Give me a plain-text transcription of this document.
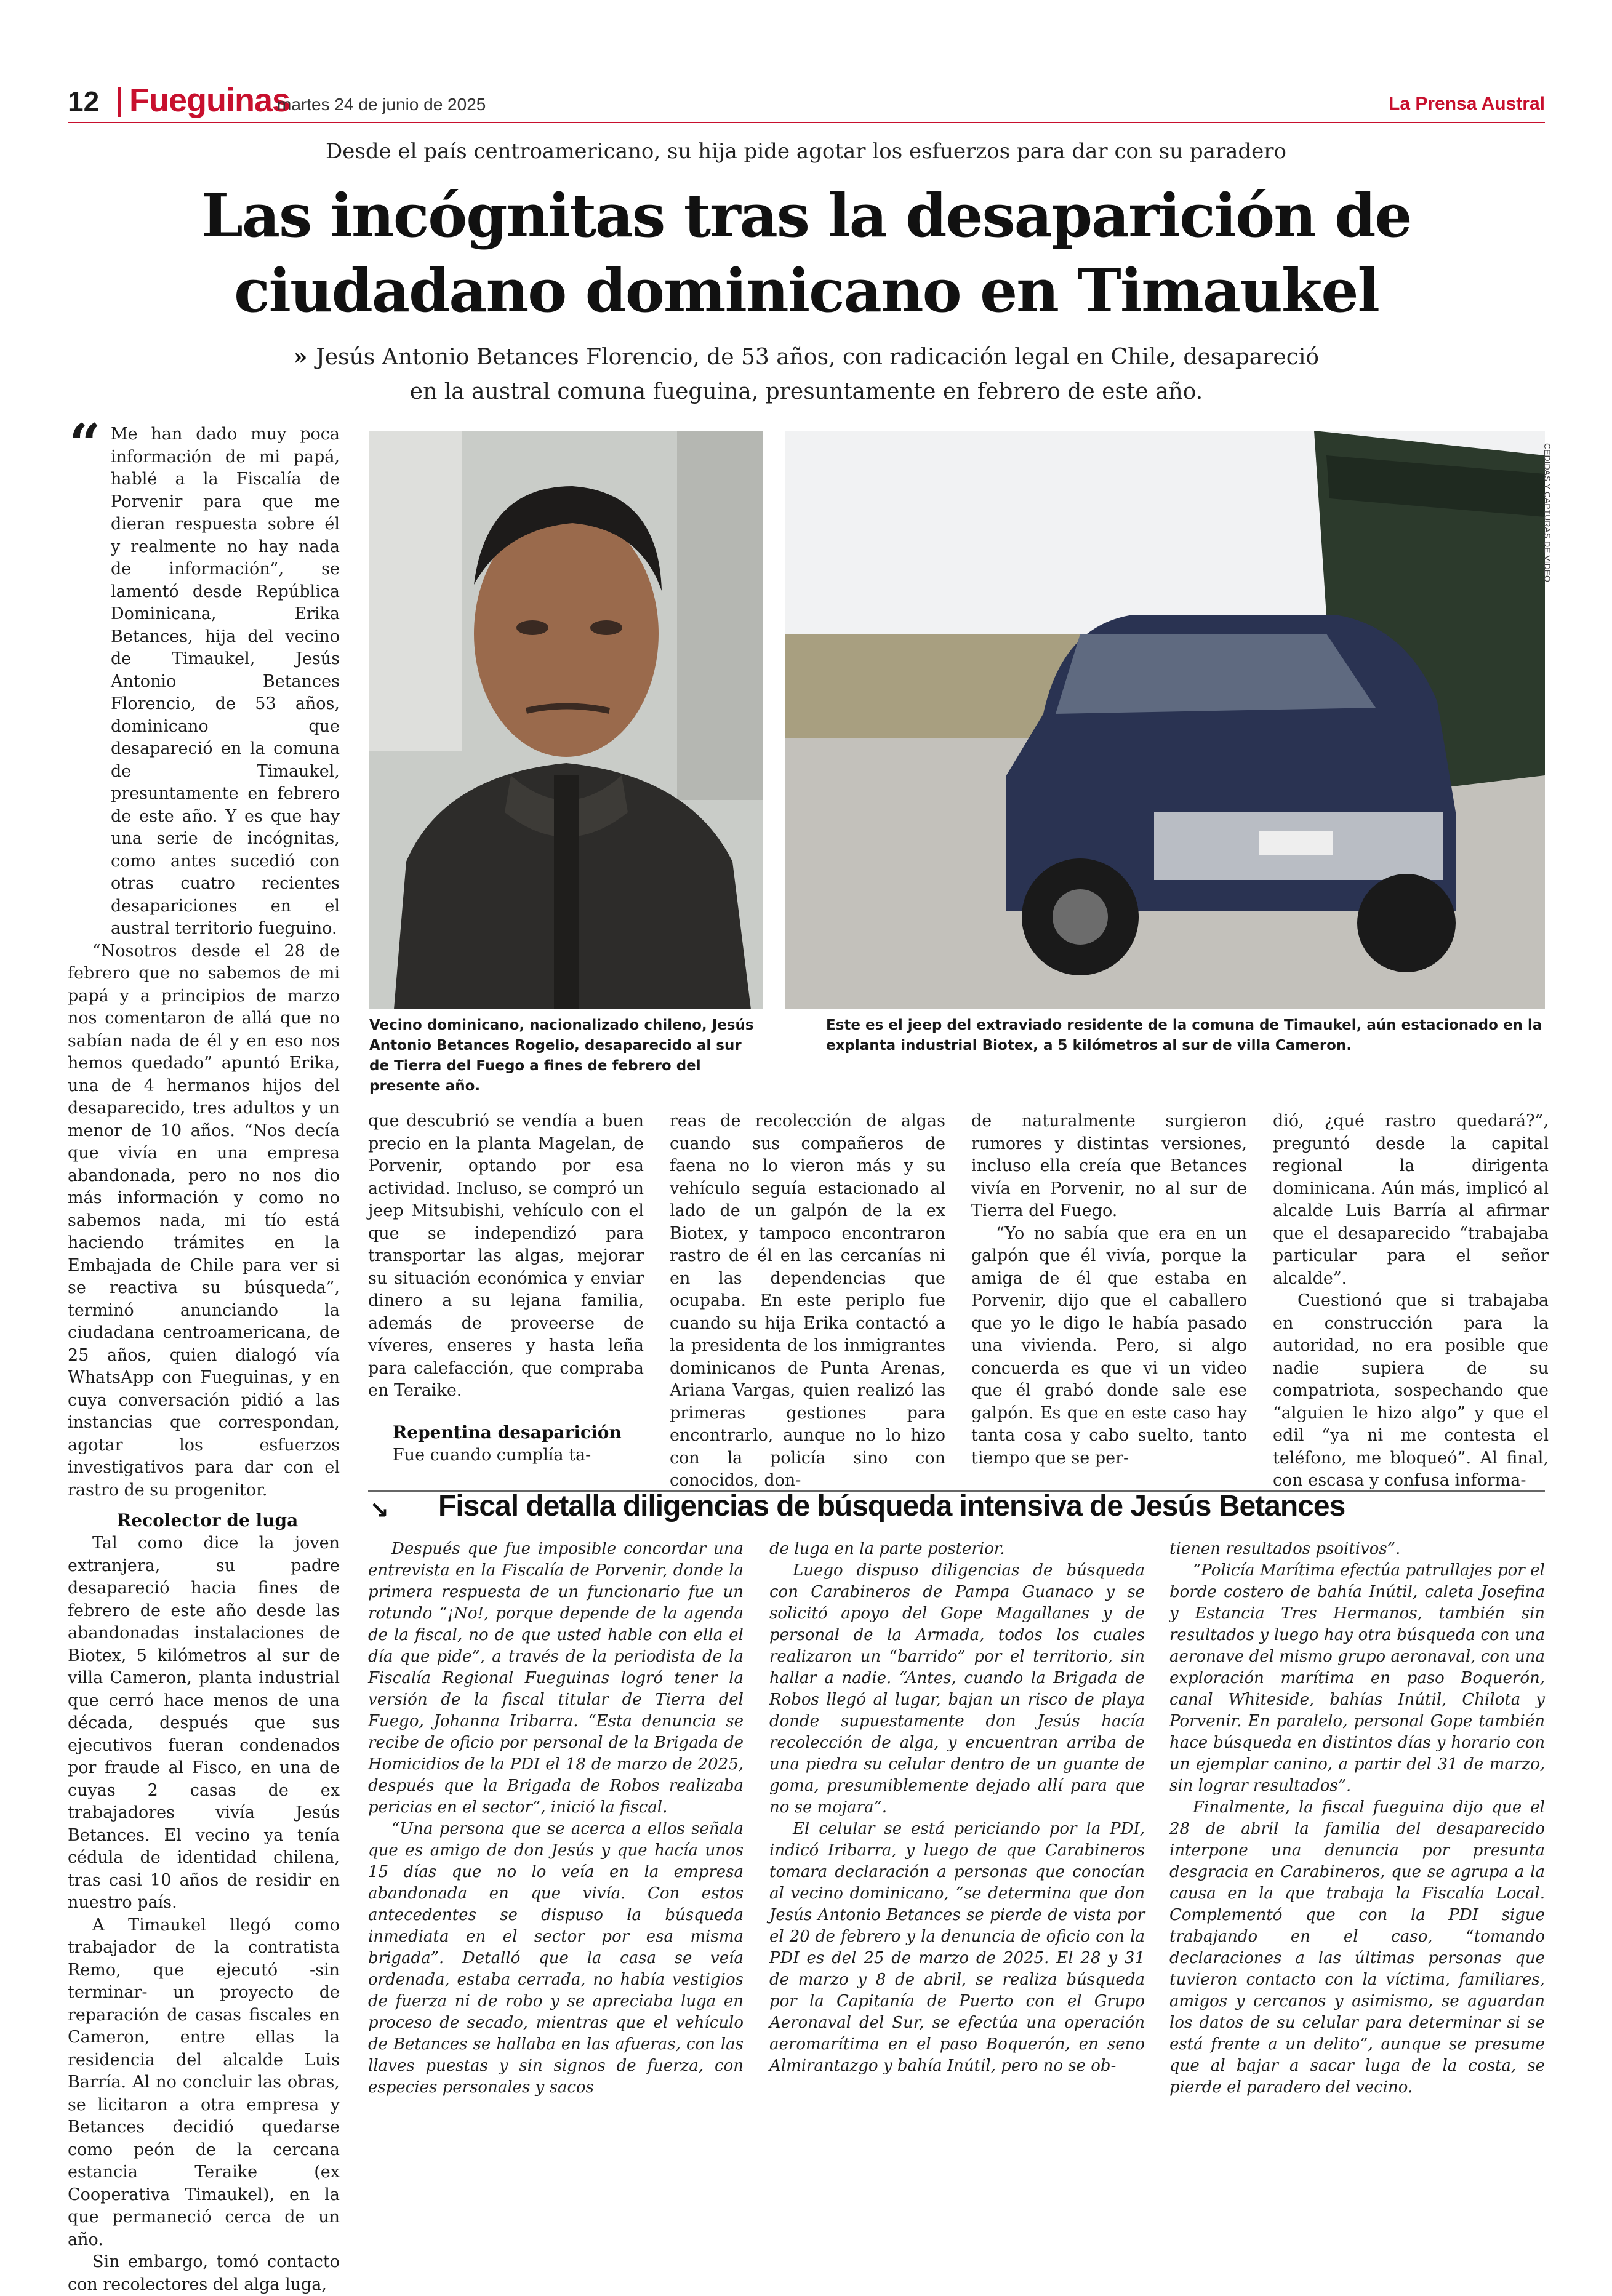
12 Fueguinas
martes 24 de junio de 2025	La Prensa Austral
Desde el país centroamericano, su hija pide agotar los esfuerzos para dar con su paradero
Las incógnitas tras la desaparición de ciudadano dominicano en Timaukel
» Jesús Antonio Betances Florencio, de 53 años, con radicación legal en Chile, desapareció en la austral comuna fueguina, presuntamente en febrero de este año.
CEDIDAS Y CAPTURAS DE VIDEO
Vecino dominicano, nacionalizado chileno, Jesús Antonio Betances Rogelio, desaparecido al sur de Tierra del Fuego a fines de febrero del presente año.
Este es el jeep del extraviado residente de la comuna de Timaukel, aún estacionado en la explanta industrial Biotex, a 5 kilómetros al sur de villa Cameron.
“ Me han dado muy poca información de mi papá, hablé a la Fiscalía de Porvenir para que me dieran respuesta sobre él y realmente no hay nada de información”, se lamentó desde República Dominicana, Erika Betances, hija del vecino de Timaukel, Jesús Antonio Betances Florencio, de 53 años, dominicano que desapareció en la comuna de Timaukel, presuntamente en febrero de este año. Y es que hay una serie de incógnitas, como antes sucedió con otras cuatro recientes desapariciones en el austral territorio fueguino.

“Nosotros desde el 28 de febrero que no sabemos de mi papá y a principios de marzo nos comentaron de allá que no sabían nada de él y en eso nos hemos quedado” apuntó Erika, una de 4 hermanos hijos del desaparecido, tres adultos y un menor de 10 años. “Nos decía que vivía en una empresa abandonada, pero no nos dio más información y como no sabemos nada, mi tío está haciendo trámites en la Embajada de Chile para ver si se reactiva su búsqueda”, terminó anunciando la ciudadana centroamericana, de 25 años, quien dialogó vía WhatsApp con Fueguinas, y en cuya conversación pidió a las instancias que correspondan, agotar los esfuerzos investigativos para dar con el rastro de su progenitor.

Recolector de luga

Tal como dice la joven extranjera, su padre desapareció hacia fines de febrero de este año desde las abandonadas instalaciones de Biotex, 5 kilómetros al sur de villa Cameron, planta industrial que cerró hace menos de una década, después que sus ejecutivos fueran condenados por fraude al Fisco, en una de cuyas 2 casas de ex trabajadores vivía Jesús Betances. El vecino ya tenía cédula de identidad chilena, tras casi 10 años de residir en nuestro país.

A Timaukel llegó como trabajador de la contratista Remo, que ejecutó -sin terminar- un proyecto de reparación de casas fiscales en Cameron, entre ellas la residencia del alcalde Luis Barría. Al no concluir las obras, se licitaron a otra empresa y Betances decidió quedarse como peón de la cercana estancia Teraike (ex Cooperativa Timaukel), en la que permaneció cerca de un año.

Sin embargo, tomó contacto con recolectores del alga luga,

que descubrió se vendía a buen precio en la planta Magelan, de Porvenir, optando por esa actividad. Incluso, se compró un jeep Mitsubishi, vehículo con el que se independizó para transportar las algas, mejorar su situación económica y enviar dinero a su lejana familia, además de proveerse de víveres, enseres y hasta leña para calefacción, que compraba en Teraike.

Repentina desaparición

Fue cuando cumplía ta-

reas de recolección de algas cuando sus compañeros de faena no lo vieron más y su vehículo seguía estacionado al lado de un galpón de la ex Biotex, y tampoco encontraron rastro de él en las cercanías ni en las dependencias que ocupaba. En este periplo fue cuando su hija Erika contactó a la presidenta de los inmigrantes dominicanos de Punta Arenas, Ariana Vargas, quien realizó las primeras gestiones para encontrarlo, aunque no lo hizo con la policía sino con conocidos, don-

de naturalmente surgieron rumores y distintas versiones, incluso ella creía que Betances vivía en Porvenir, no al sur de Tierra del Fuego.

“Yo no sabía que era en un galpón que él vivía, porque la amiga de él que estaba en Porvenir, dijo que el caballero que yo le digo le había pasado una vivienda. Pero, si algo concuerda es que vi un video que él grabó donde sale ese galpón. Es que en este caso hay tanta cosa y cabo suelto, tanto tiempo que se per-

dió, ¿qué rastro quedará?”, preguntó desde la capital regional la dirigenta dominicana. Aún más, implicó al alcalde Luis Barría al afirmar que el desaparecido “trabajaba particular para el señor alcalde”.

Cuestionó que si trabajaba en construcción para la autoridad, no era posible que nadie supiera de su compatriota, sospechando que “alguien le hizo algo” y que el edil “ya ni me contesta el teléfono, me bloqueó”. Al final, con escasa y confusa informa-

↘ Fiscal detalla diligencias de búsqueda intensiva de Jesús Betances

Después que fue imposible concordar una entrevista en la Fiscalía de Porvenir, donde la primera respuesta de un funcionario fue un rotundo “¡No!, porque depende de la agenda de la fiscal, no de que usted hable con ella el día que pide”, a través de la periodista de la Fiscalía Regional Fueguinas logró tener la versión de la fiscal titular de Tierra del Fuego, Johanna Iribarra. “Esta denuncia se recibe de oficio por personal de la Brigada de Homicidios de la PDI el 18 de marzo de 2025, después que la Brigada de Robos realizaba pericias en el sector”, inició la fiscal.

“Una persona que se acerca a ellos señala que es amigo de don Jesús y que hacía unos 15 días que no lo veía en la empresa abandonada en que vivía. Con estos antecedentes se dispuso la búsqueda inmediata en el sector por esa misma brigada”. Detalló que la casa se veía ordenada, estaba cerrada, no había vestigios de fuerza ni de robo y se apreciaba luga en proceso de secado, mientras que el vehículo de Betances se hallaba en las afueras, con las llaves puestas y sin signos de fuerza, con especies personales y sacos

de luga en la parte posterior.

Luego dispuso diligencias de búsqueda con Carabineros de Pampa Guanaco y se solicitó apoyo del Gope Magallanes y de personal de la Armada, todos los cuales realizaron un “barrido” por el territorio, sin hallar a nadie. “Antes, cuando la Brigada de Robos llegó al lugar, bajan un risco de playa donde supuestamente don Jesús hacía recolección de alga, y encuentran arriba de una piedra su celular dentro de un guante de goma, presumiblemente dejado allí para que no se mojara”.

El celular se está periciando por la PDI, indicó Iribarra, y luego de que Carabineros tomara declaración a personas que conocían al vecino dominicano, “se determina que don Jesús Antonio Betances se pierde de vista por el 20 de febrero y la denuncia de oficio con la PDI es del 25 de marzo de 2025. El 28 y 31 de marzo y 8 de abril, se realiza búsqueda por la Capitanía de Puerto con el Grupo Aeronaval del Sur, se efectúa una operación aeromarítima en el paso Boquerón, en seno Almirantazgo y bahía Inútil, pero no se ob-

tienen resultados psoitivos”.

“Policía Marítima efectúa patrullajes por el borde costero de bahía Inútil, caleta Josefina y Estancia Tres Hermanos, también sin resultados y luego hay otra búsqueda con una aeronave del mismo grupo aeronaval, con una exploración marítima en paso Boquerón, canal Whiteside, bahías Inútil, Chilota y Porvenir. En paralelo, personal Gope también hace búsqueda en distintos días y horario con un ejemplar canino, a partir del 31 de marzo, sin lograr resultados”.

Finalmente, la fiscal fueguina dijo que el 28 de abril la familia del desaparecido interpone una denuncia por presunta desgracia en Carabineros, que se agrupa a la causa en la que trabaja la Fiscalía Local. Complementó que con la PDI sigue trabajando en el caso, “tomando declaraciones a las últimas personas que tuvieron contacto con la víctima, familiares, amigos y cercanos y asimismo, se aguardan los datos de su celular para determinar si se está frente a un delito”, aunque se presume que al bajar a sacar luga de la costa, se pierde el paradero del vecino.
